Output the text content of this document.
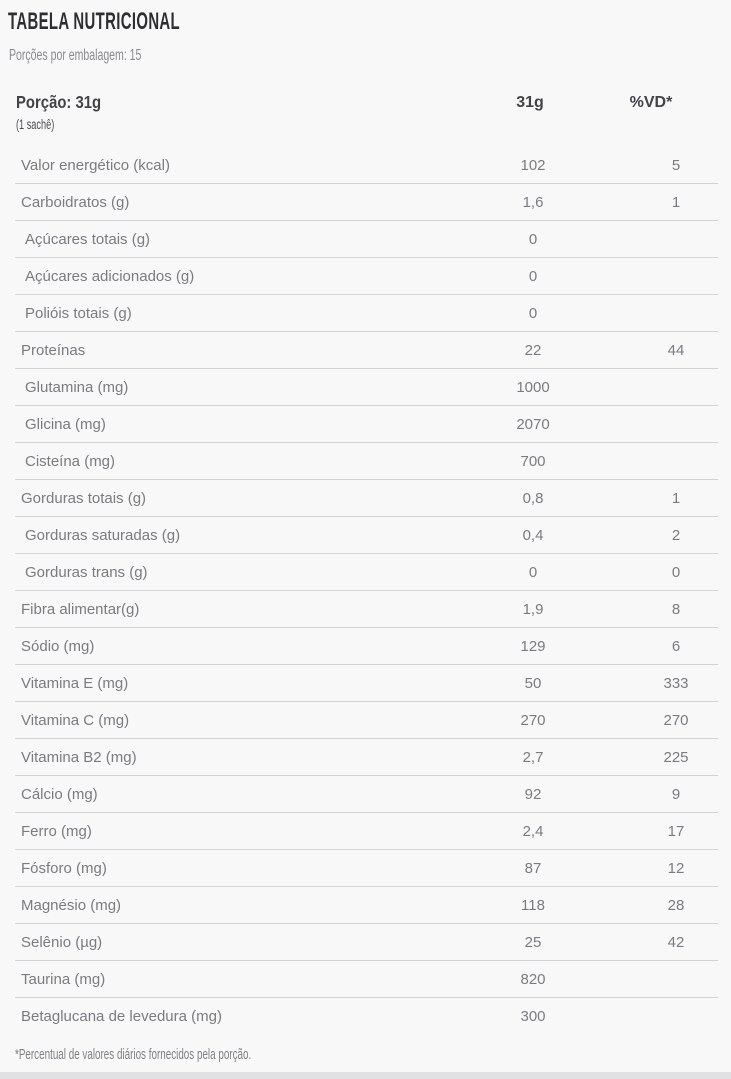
TABELA NUTRICIONAL
Porções por embalagem: 15
Porção: 31g
(1 sachê)
31g	%VD*
Valor energético (kcal)	102	5
Carboidratos (g)	1,6	1
Açúcares totais (g)	0
Açúcares adicionados (g)	0
Polióis totais (g)	0
Proteínas	22	44
Glutamina (mg)	1000
Glicina (mg)	2070
Cisteína (mg)	700
Gorduras totais (g)	0,8	1
Gorduras saturadas (g)	0,4	2
Gorduras trans (g)	0	0
Fibra alimentar(g)	1,9	8
Sódio (mg)	129	6
Vitamina E (mg)	50	333
Vitamina C (mg)	270	270
Vitamina B2 (mg)	2,7	225
Cálcio (mg)	92	9
Ferro (mg)	2,4	17
Fósforo (mg)	87	12
Magnésio (mg)	118	28
Selênio (µg)	25	42
Taurina (mg)	820
Betaglucana de levedura (mg)	300
*Percentual de valores diários fornecidos pela porção.
